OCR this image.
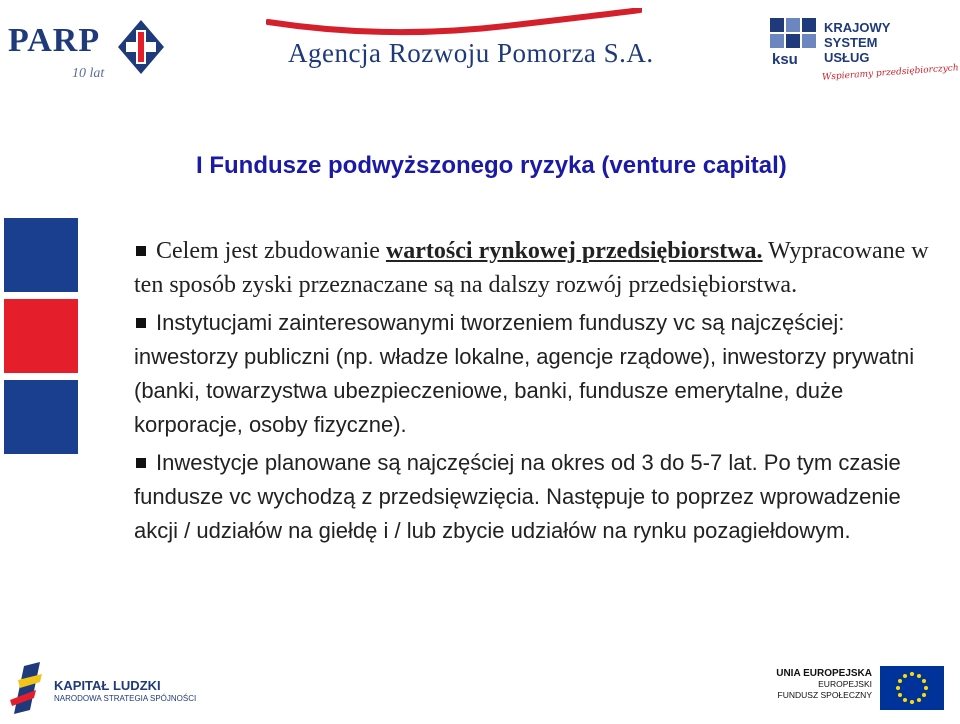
PARP
10 lat
Agencja Rozwoju Pomorza S.A.	ksu
KRAJOWY
SYSTEM
USŁUG
Wspieramy przedsiębiorczych
I Fundusze podwyższonego ryzyka (venture capital)

Celem jest zbudowanie wartości rynkowej przedsiębiorstwa. Wypracowane w ten sposób zyski przeznaczane są na dalszy rozwój przedsiębiorstwa.

Instytucjami zainteresowanymi tworzeniem funduszy vc są najczęściej: inwestorzy publiczni (np. władze lokalne, agencje rządowe), inwestorzy prywatni (banki, towarzystwa ubezpieczeniowe, banki, fundusze emerytalne, duże korporacje, osoby fizyczne).

Inwestycje planowane są najczęściej na okres od 3 do 5-7 lat. Po tym czasie fundusze vc wychodzą z przedsięwzięcia. Następuje to poprzez wprowadzenie akcji / udziałów na giełdę i / lub zbycie udziałów na rynku pozagiełdowym.

KAPITAŁ LUDZKI
NARODOWA STRATEGIA SPÓJNOŚCI
UNIA EUROPEJSKA
EUROPEJSKI
FUNDUSZ SPOŁECZNY
